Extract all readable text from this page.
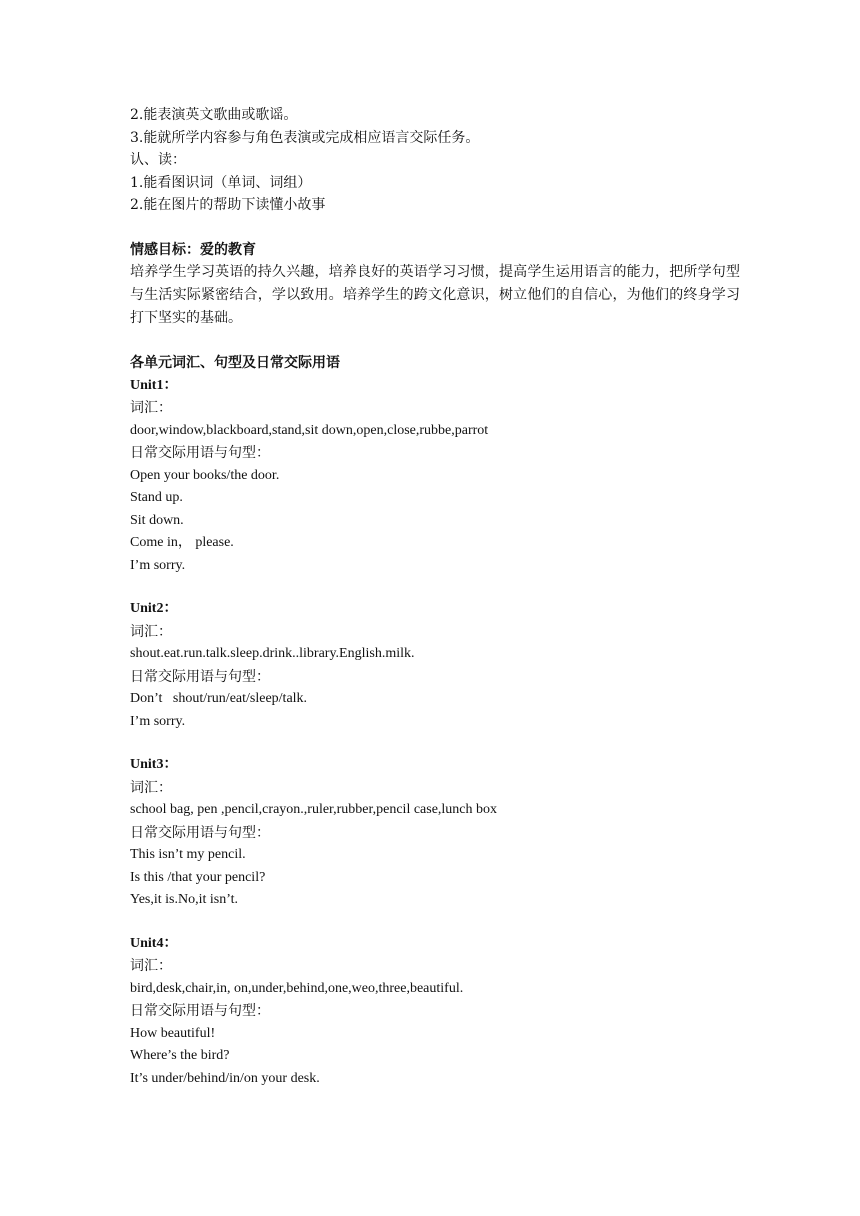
2.能表演英文歌曲或歌谣。
3.能就所学内容参与角色表演或完成相应语言交际任务。
认、读：
1.能看图识词（单词、词组）
2.能在图片的帮助下读懂小故事
情感目标：爱的教育
培养学生学习英语的持久兴趣，培养良好的英语学习习惯，提高学生运用语言的能力，把所学句型与生活实际紧密结合，学以致用。培养学生的跨文化意识，树立他们的自信心，为他们的终身学习打下坚实的基础。
各单元词汇、句型及日常交际用语
Unit1：
词汇：
door,window,blackboard,stand,sit down,open,close,rubbe,parrot
日常交际用语与句型：
Open your books/the door.
Stand up.
Sit down.
Come in， please.
I’m sorry.
Unit2：
词汇：
shout.eat.run.talk.sleep.drink..library.English.milk.
日常交际用语与句型：
Don’t   shout/run/eat/sleep/talk.
I’m sorry.
Unit3：
词汇：
school bag, pen ,pencil,crayon.,ruler,rubber,pencil case,lunch box
日常交际用语与句型：
This isn’t my pencil.
Is this /that your pencil?
Yes,it is.No,it isn’t.
Unit4：
词汇：
bird,desk,chair,in, on,under,behind,one,weo,three,beautiful.
日常交际用语与句型：
How beautiful!
Where’s the bird?
It’s under/behind/in/on your desk.
